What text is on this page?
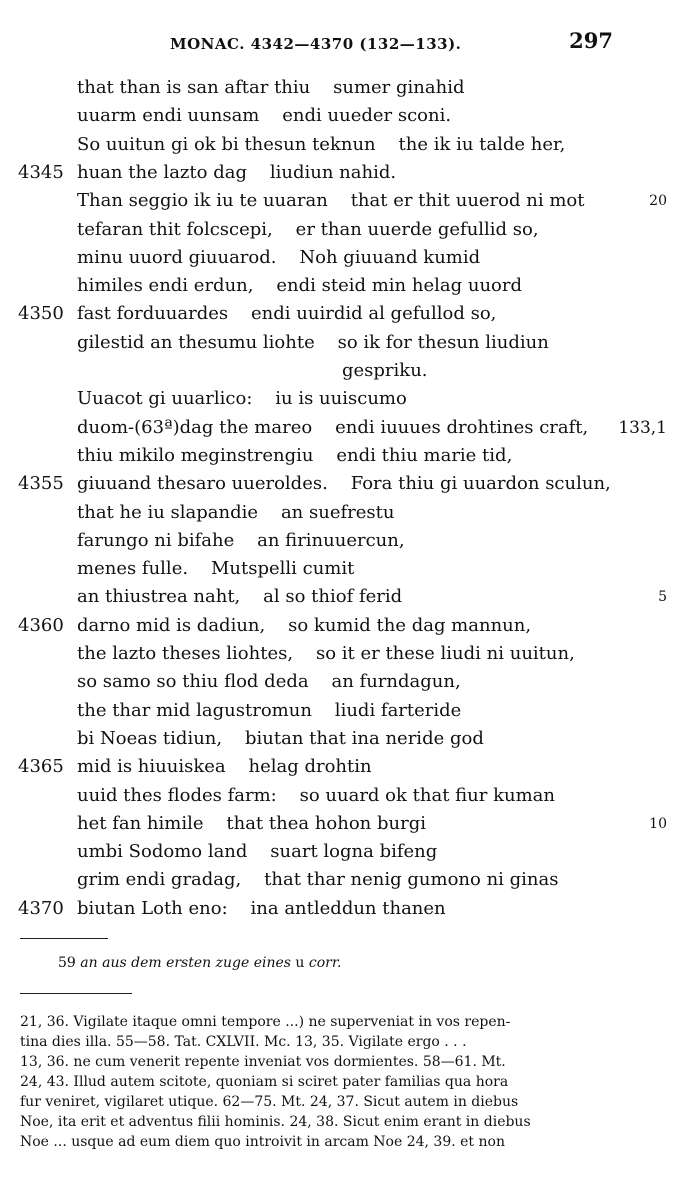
MONAC. 4342—4370 (132—133).	297
that than is san aftar thiu    sumer ginahid
uuarm endi uunsam    endi uueder sconi.
So uuitun gi ok bi thesun teknun    the ik iu talde her,
huan the lazto dag    liudiun nahid.
4345
Than seggio ik iu te uuaran    that er thit uuerod ni mot	20
tefaran thit folcscepi,    er than uuerde gefullid so,
minu uuord giuuarod.    Noh giuuand kumid
himiles endi erdun,    endi steid min helag uuord
fast forduuardes    endi uuirdid al gefullod so,
4350
gilestid an thesumu liohte    so ik for thesun liudiun
gespriku.
Uuacot gi uuarlico:    iu is uuiscumo
duom-(63ª)dag the mareo    endi iuuues drohtines craft, 133,1
thiu mikilo meginstrengiu    endi thiu marie tid,
giuuand thesaro uueroldes.    Fora thiu gi uuardon sculun,
4355
that he iu slapandie    an suefrestu
farungo ni bifahe    an firinuuercun,
menes fulle.    Mutspelli cumit
an thiustrea naht,    al so thiof ferid	5
darno mid is dadiun,    so kumid the dag mannun,
4360
the lazto theses liohtes,    so it er these liudi ni uuitun,
so samo so thiu flod deda    an furndagun,
the thar mid lagustromun    liudi farteride
bi Noeas tidiun,    biutan that ina neride god
mid is hiuuiskea    helag drohtin
4365
uuid thes flodes farm:    so uuard ok that fiur kuman
het fan himile    that thea hohon burgi	10
umbi Sodomo land    suart logna bifeng
grim endi gradag,    that thar nenig gumono ni ginas
biutan Loth eno:    ina antleddun thanen
4370
59 an aus dem ersten zuge eines u corr.
21, 36. Vigilate itaque omni tempore ...) ne superveniat in vos repen-
tina dies illa. 55—58. Tat. CXLVII. Mc. 13, 35. Vigilate ergo . . .
13, 36. ne cum venerit repente inveniat vos dormientes. 58—61. Mt.
24, 43. Illud autem scitote, quoniam si sciret pater familias qua hora
fur veniret, vigilaret utique. 62—75. Mt. 24, 37. Sicut autem in diebus
Noe, ita erit et adventus filii hominis. 24, 38. Sicut enim erant in diebus
Noe ... usque ad eum diem quo introivit in arcam Noe 24, 39. et non
